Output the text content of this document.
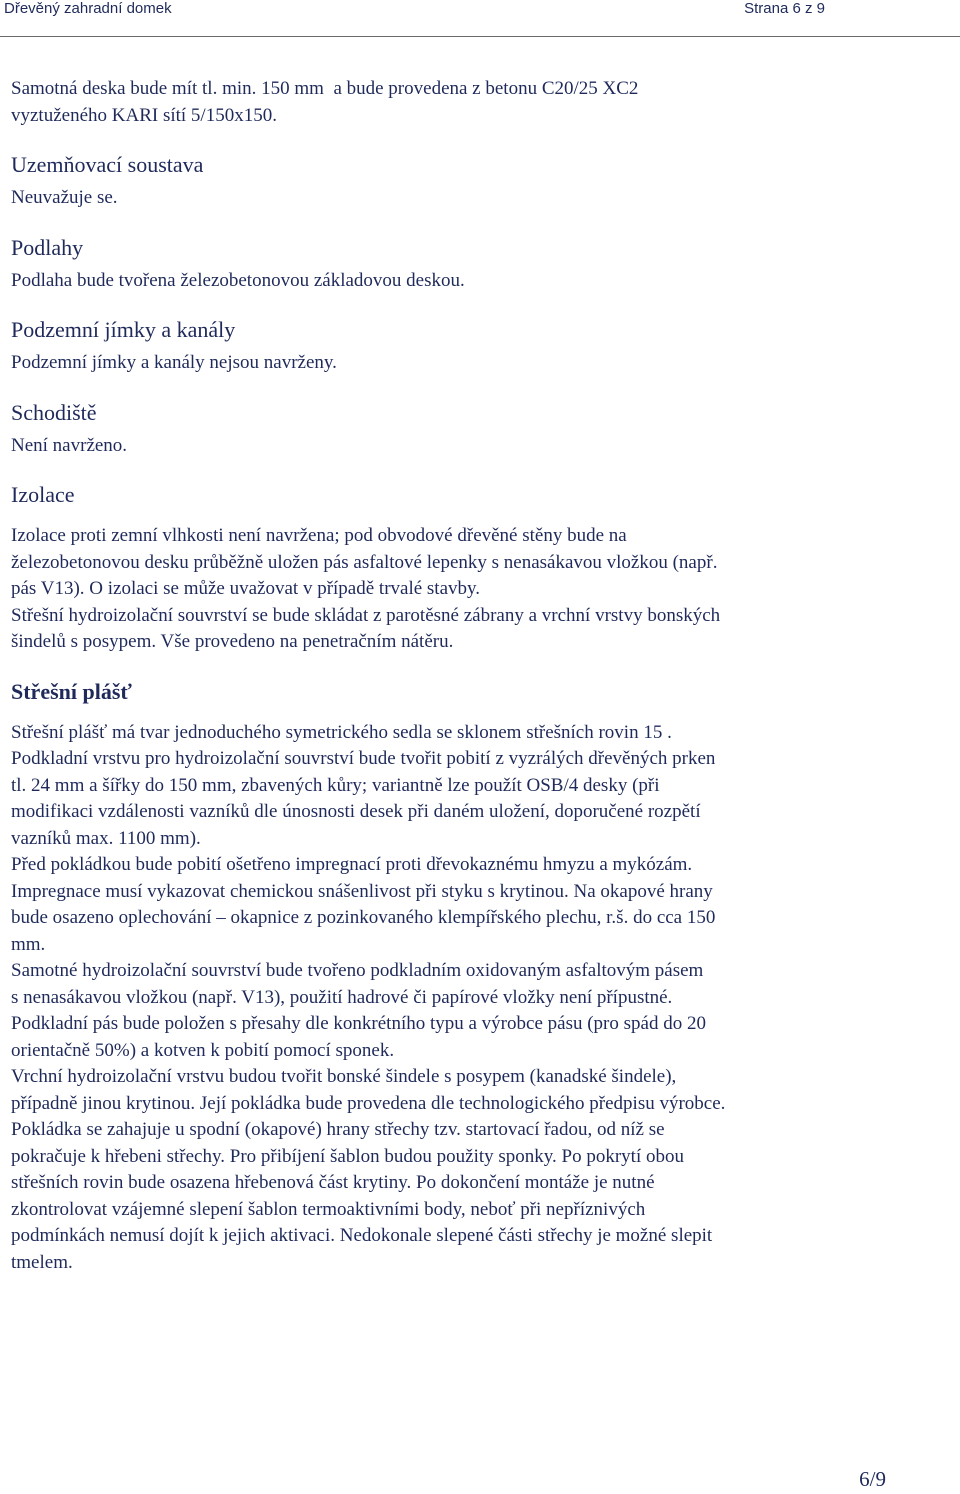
Dřevěný zahradní domek	Strana 6 z 9

Samotná deska bude mít tl. min. 150 mm  a bude provedena z betonu C20/25 XC2
vyztuženého KARI sítí 5/150x150.

Uzemňovací soustava

Neuvažuje se.

Podlahy

Podlaha bude tvořena železobetonovou základovou deskou.

Podzemní jímky a kanály

Podzemní jímky a kanály nejsou navrženy.

Schodiště

Není navrženo.

Izolace

Izolace proti zemní vlhkosti není navržena; pod obvodové dřevěné stěny bude na
železobetonovou desku průběžně uložen pás asfaltové lepenky s nenasákavou vložkou (např.
pás V13). O izolaci se může uvažovat v případě trvalé stavby.
Střešní hydroizolační souvrství se bude skládat z parotěsné zábrany a vrchní vrstvy bonských
šindelů s posypem. Vše provedeno na penetračním nátěru.

Střešní plášť

Střešní plášť má tvar jednoduchého symetrického sedla se sklonem střešních rovin 15 .
Podkladní vrstvu pro hydroizolační souvrství bude tvořit pobití z vyzrálých dřevěných prken
tl. 24 mm a šířky do 150 mm, zbavených kůry; variantně lze použít OSB/4 desky (při
modifikaci vzdálenosti vazníků dle únosnosti desek při daném uložení, doporučené rozpětí
vazníků max. 1100 mm).
Před pokládkou bude pobití ošetřeno impregnací proti dřevokaznému hmyzu a mykózám.
Impregnace musí vykazovat chemickou snášenlivost při styku s krytinou. Na okapové hrany
bude osazeno oplechování – okapnice z pozinkovaného klempířského plechu, r.š. do cca 150
mm.
Samotné hydroizolační souvrství bude tvořeno podkladním oxidovaným asfaltovým pásem
s nenasákavou vložkou (např. V13), použití hadrové či papírové vložky není přípustné.
Podkladní pás bude položen s přesahy dle konkrétního typu a výrobce pásu (pro spád do 20
orientačně 50%) a kotven k pobití pomocí sponek.
Vrchní hydroizolační vrstvu budou tvořit bonské šindele s posypem (kanadské šindele),
případně jinou krytinou. Její pokládka bude provedena dle technologického předpisu výrobce.
Pokládka se zahajuje u spodní (okapové) hrany střechy tzv. startovací řadou, od níž se
pokračuje k hřebeni střechy. Pro přibíjení šablon budou použity sponky. Po pokrytí obou
střešních rovin bude osazena hřebenová část krytiny. Po dokončení montáže je nutné
zkontrolovat vzájemné slepení šablon termoaktivními body, neboť při nepříznivých
podmínkách nemusí dojít k jejich aktivaci. Nedokonale slepené části střechy je možné slepit
tmelem.

6/9
